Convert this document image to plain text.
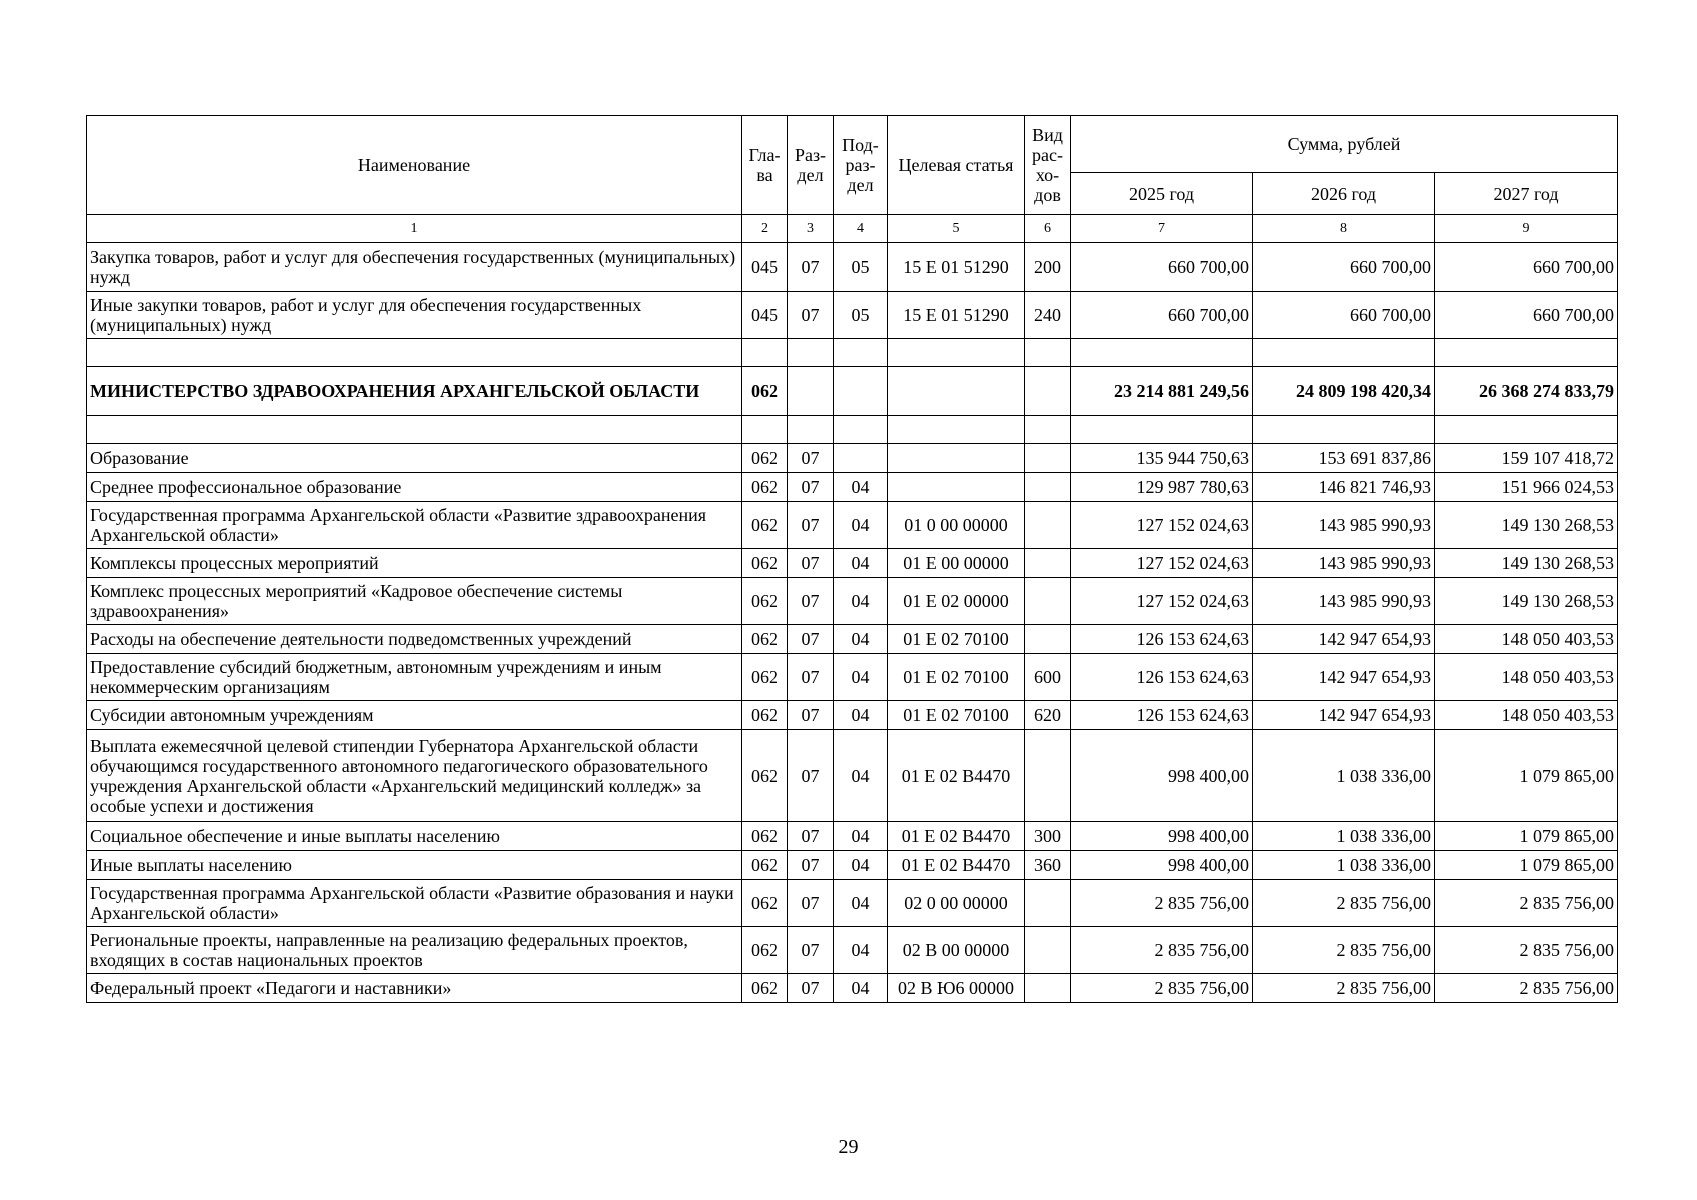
Наименование	Гла-ва	Раз-дел	Под-раз-дел	Целевая статья	Вид рас-хо-дов	Сумма, рублей		
						2025 год	2026 год	2027 год
1	2	3	4	5	6	7	8	9
Закупка товаров, работ и услуг для обеспечения государственных (муниципальных) нужд	045	07	05	15 Е 01 51290	200	660 700,00	660 700,00	660 700,00
Иные закупки товаров, работ и услуг для обеспечения государственных (муниципальных) нужд	045	07	05	15 Е 01 51290	240	660 700,00	660 700,00	660 700,00

МИНИСТЕРСТВО ЗДРАВООХРАНЕНИЯ АРХАНГЕЛЬСКОЙ ОБЛАСТИ	062					23 214 881 249,56	24 809 198 420,34	26 368 274 833,79

Образование	062	07				135 944 750,63	153 691 837,86	159 107 418,72
Среднее профессиональное образование	062	07	04			129 987 780,63	146 821 746,93	151 966 024,53
Государственная программа Архангельской области «Развитие здравоохранения Архангельской области»	062	07	04	01 0 00 00000		127 152 024,63	143 985 990,93	149 130 268,53
Комплексы процессных мероприятий	062	07	04	01 Е 00 00000		127 152 024,63	143 985 990,93	149 130 268,53
Комплекс процессных мероприятий «Кадровое обеспечение системы здравоохранения»	062	07	04	01 Е 02 00000		127 152 024,63	143 985 990,93	149 130 268,53
Расходы на обеспечение деятельности подведомственных учреждений	062	07	04	01 Е 02 70100		126 153 624,63	142 947 654,93	148 050 403,53
Предоставление субсидий бюджетным, автономным учреждениям и иным некоммерческим организациям	062	07	04	01 Е 02 70100	600	126 153 624,63	142 947 654,93	148 050 403,53
Субсидии автономным учреждениям	062	07	04	01 Е 02 70100	620	126 153 624,63	142 947 654,93	148 050 403,53
Выплата ежемесячной целевой стипендии Губернатора Архангельской области обучающимся государственного автономного педагогического образовательного учреждения Архангельской области «Архангельский медицинский колледж» за особые успехи и достижения	062	07	04	01 Е 02 В4470		998 400,00	1 038 336,00	1 079 865,00
Социальное обеспечение и иные выплаты населению	062	07	04	01 Е 02 В4470	300	998 400,00	1 038 336,00	1 079 865,00
Иные выплаты населению	062	07	04	01 Е 02 В4470	360	998 400,00	1 038 336,00	1 079 865,00
Государственная программа Архангельской области «Развитие образования и науки Архангельской области»	062	07	04	02 0 00 00000		2 835 756,00	2 835 756,00	2 835 756,00
Региональные проекты, направленные на реализацию федеральных проектов, входящих в состав национальных проектов	062	07	04	02 В 00 00000		2 835 756,00	2 835 756,00	2 835 756,00
Федеральный проект «Педагоги и наставники»	062	07	04	02 В Ю6 00000		2 835 756,00	2 835 756,00	2 835 756,00
29
